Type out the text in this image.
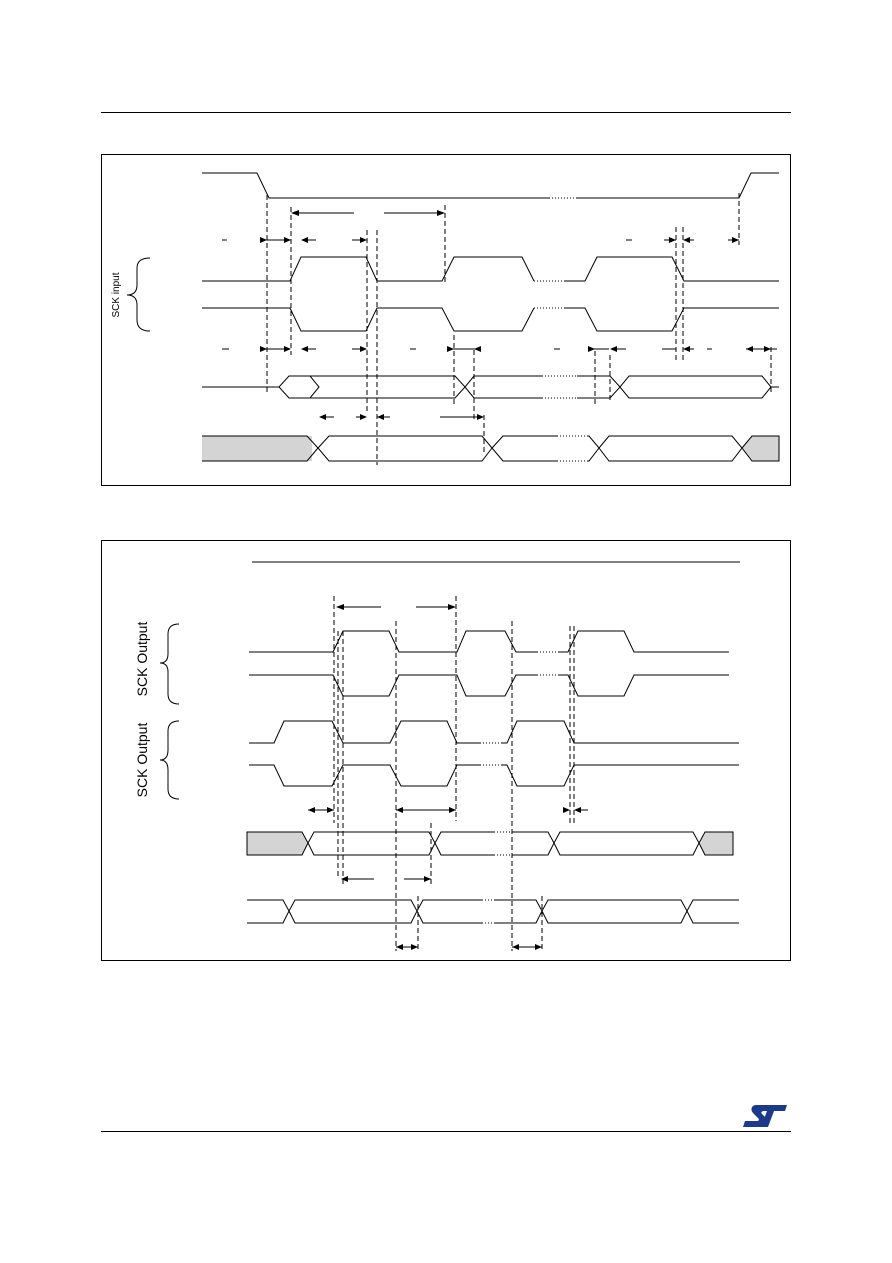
SCK input
SCK Output
SCK Output
ST
